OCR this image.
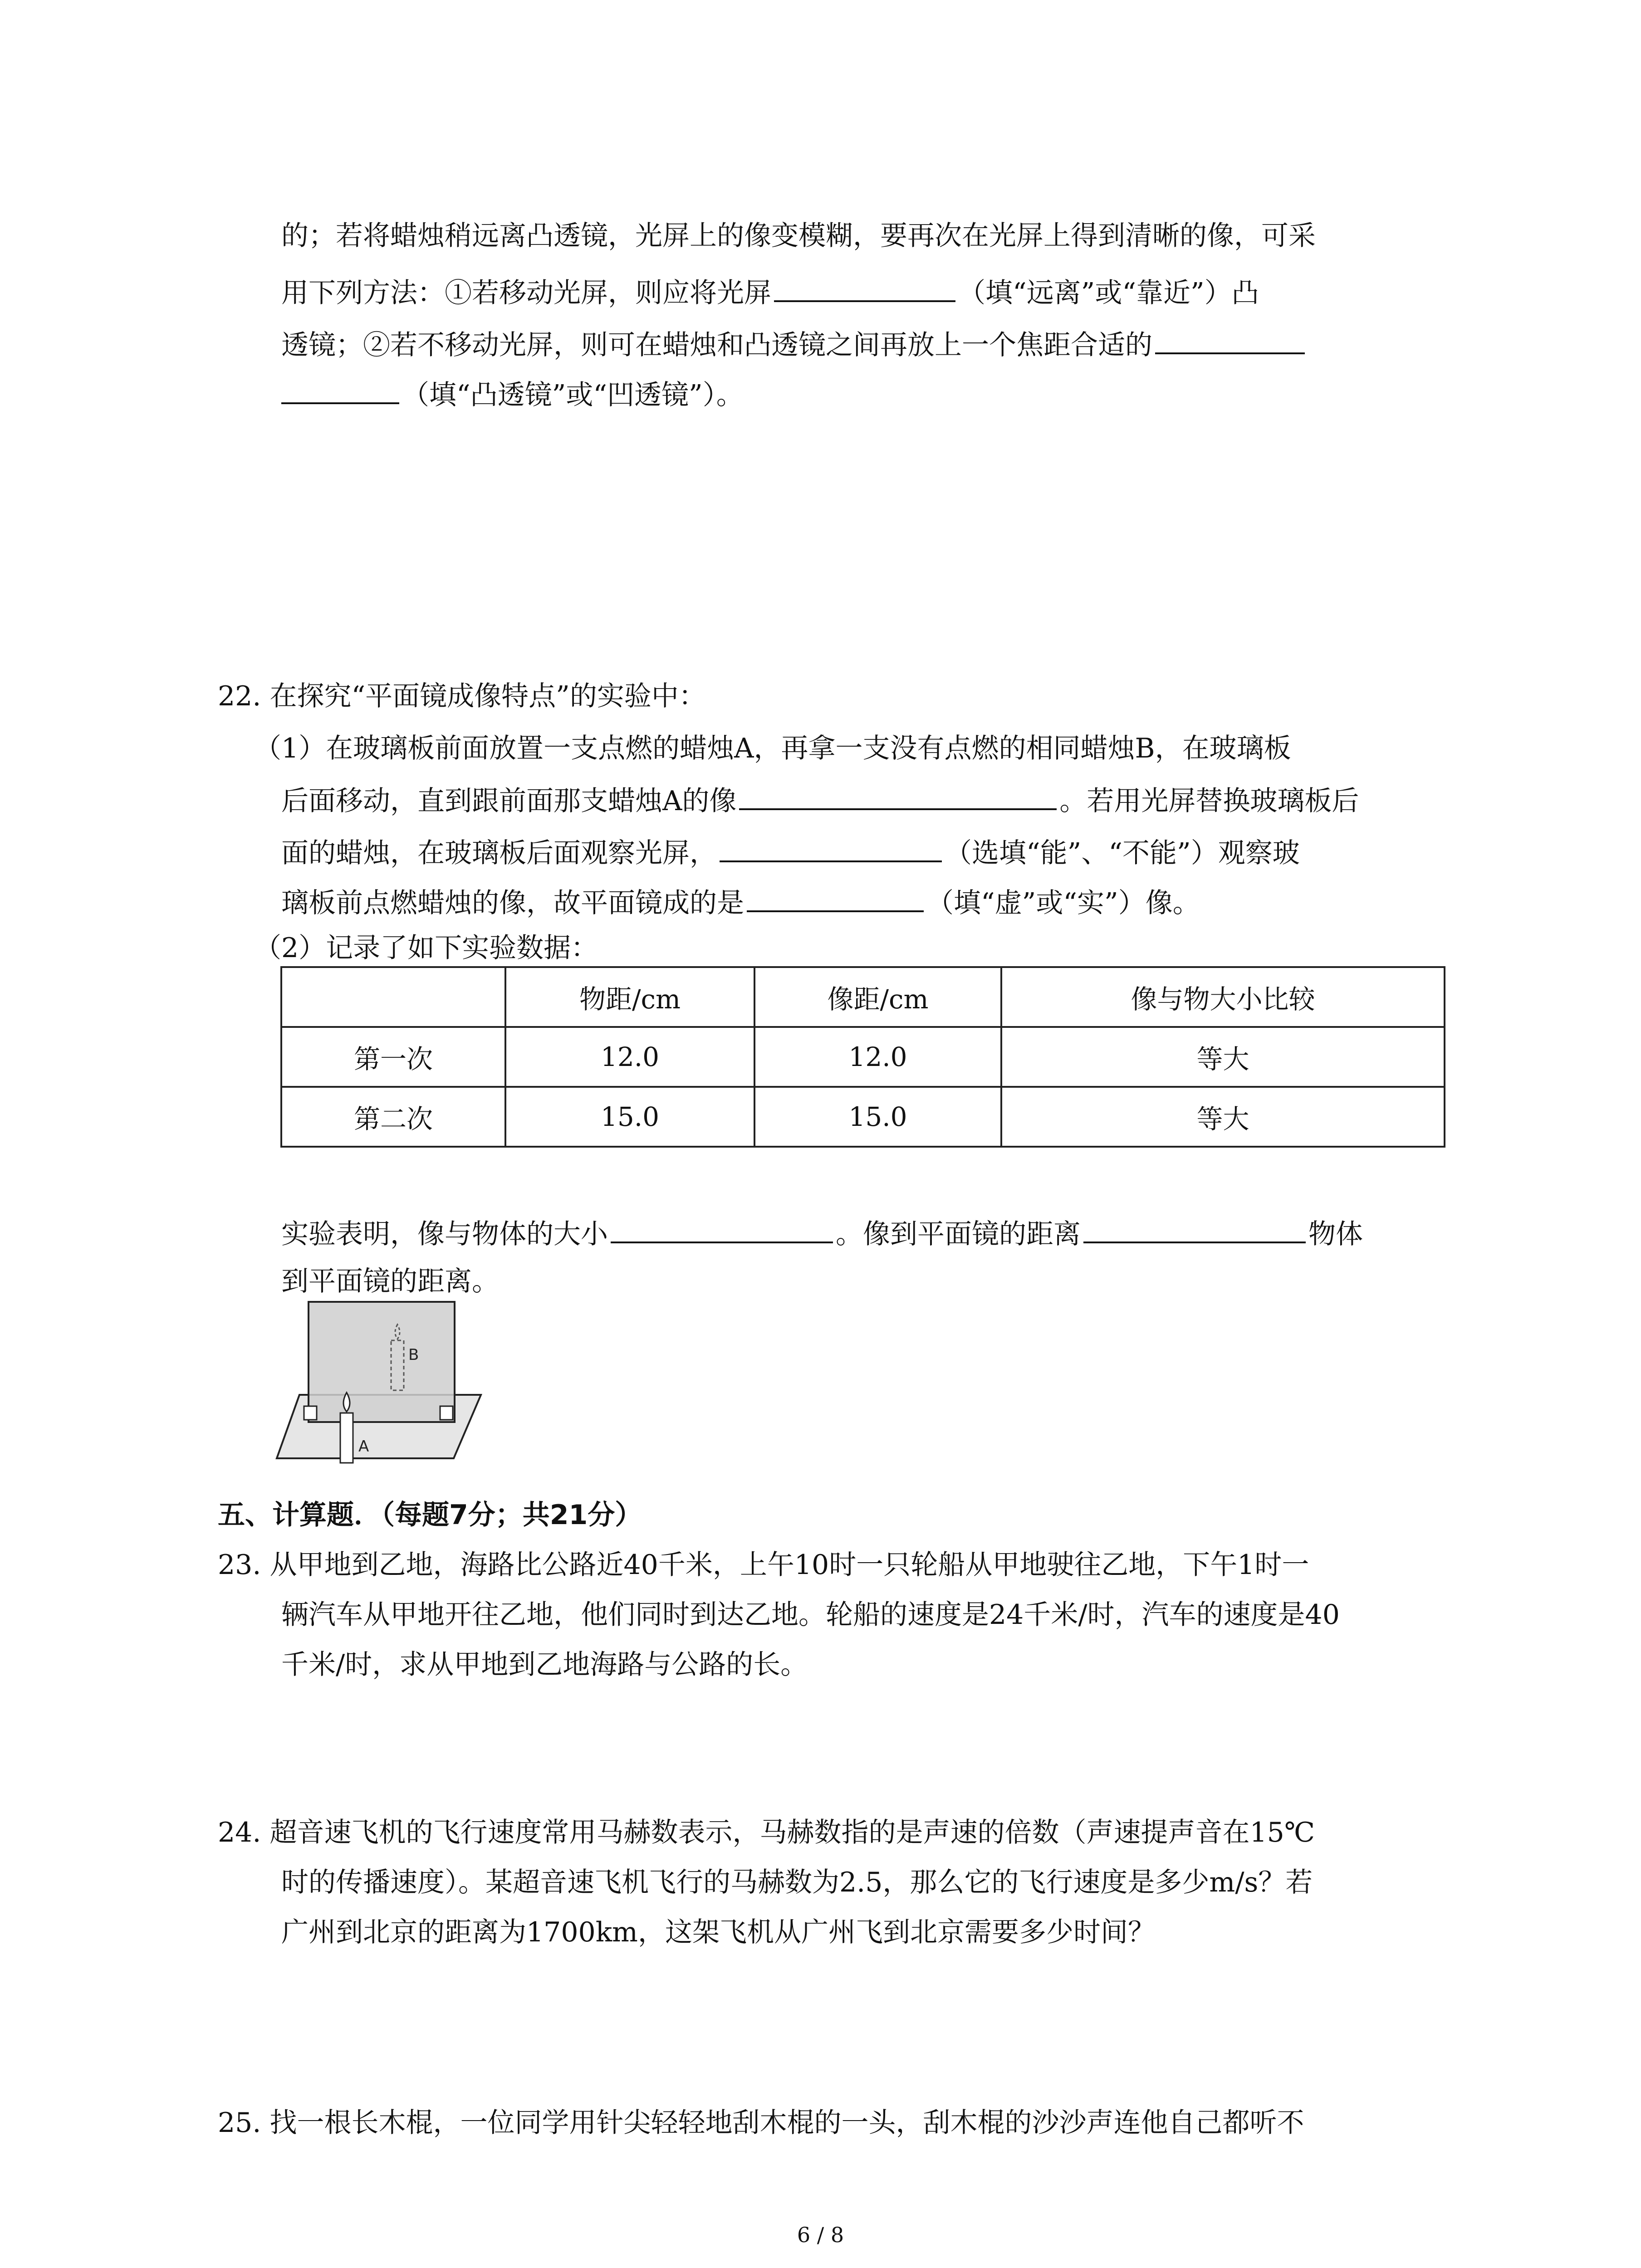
的；若将蜡烛稍远离凸透镜，光屏上的像变模糊，要再次在光屏上得到清晰的像，可采
用下列方法：①若移动光屏，则应将光屏	（填“远离”或“靠近”）凸
透镜；②若不移动光屏，则可在蜡烛和凸透镜之间再放上一个焦距合适的
（填“凸透镜”或“凹透镜”）。
22. 在探究“平面镜成像特点”的实验中：
（1）在玻璃板前面放置一支点燃的蜡烛A，再拿一支没有点燃的相同蜡烛B，在玻璃板
后面移动，直到跟前面那支蜡烛A的像	。若用光屏替换玻璃板后
面的蜡烛，在玻璃板后面观察光屏，	（选填“能”、“不能”）观察玻
璃板前点燃蜡烛的像，故平面镜成的是	（填“虚”或“实”）像。
（2）记录了如下实验数据：
	物距/cm	像距/cm	像与物大小比较
第一次	12.0	12.0	等大
第二次	15.0	15.0	等大
实验表明，像与物体的大小	。像到平面镜的距离	物体
到平面镜的距离。
B
A
五、计算题．（每题7分；共21分）
23. 从甲地到乙地，海路比公路近40千米，上午10时一只轮船从甲地驶往乙地，下午1时一
辆汽车从甲地开往乙地，他们同时到达乙地。轮船的速度是24千米/时，汽车的速度是40
千米/时，求从甲地到乙地海路与公路的长。
24. 超音速飞机的飞行速度常用马赫数表示，马赫数指的是声速的倍数（声速提声音在15℃
时的传播速度）。某超音速飞机飞行的马赫数为2.5，那么它的飞行速度是多少m/s？若
广州到北京的距离为1700km，这架飞机从广州飞到北京需要多少时间？
25. 找一根长木棍，一位同学用针尖轻轻地刮木棍的一头，刮木棍的沙沙声连他自己都听不
6 / 8
